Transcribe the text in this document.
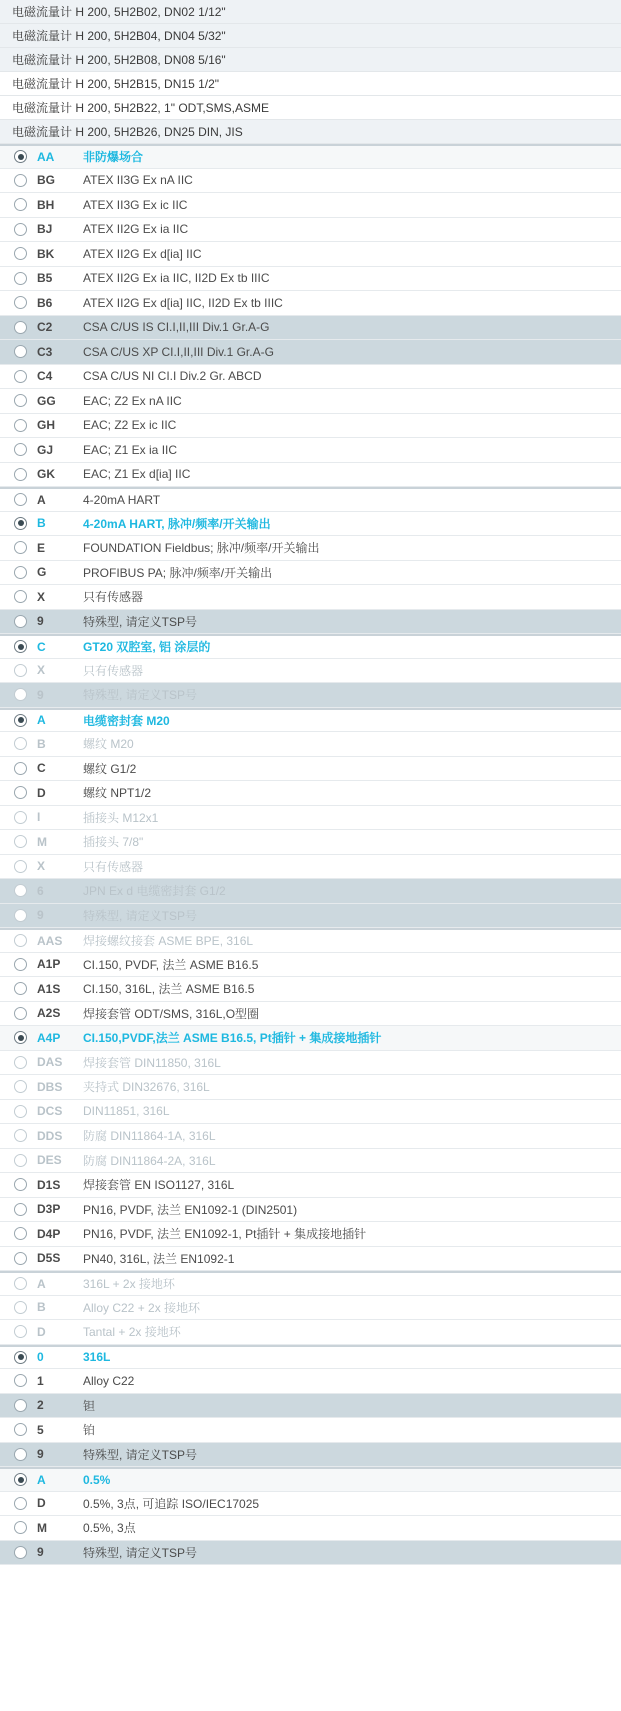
电磁流量计 H 200, 5H2B02, DN02 1/12"
电磁流量计 H 200, 5H2B04, DN04 5/32"
电磁流量计 H 200, 5H2B08, DN08 5/16"
电磁流量计 H 200, 5H2B15, DN15 1/2"
电磁流量计 H 200, 5H2B22, 1" ODT,SMS,ASME
电磁流量计 H 200, 5H2B26, DN25 DIN, JIS
AA	非防爆场合
BG	ATEX II3G Ex nA IIC
BH	ATEX II3G Ex ic IIC
BJ	ATEX II2G Ex ia IIC
BK	ATEX II2G Ex d[ia] IIC
B5	ATEX II2G Ex ia IIC, II2D Ex tb IIIC
B6	ATEX II2G Ex d[ia] IIC, II2D Ex tb IIIC
C2	CSA C/US IS CI.I,II,III Div.1 Gr.A-G
C3	CSA C/US XP CI.I,II,III Div.1 Gr.A-G
C4	CSA C/US NI CI.I Div.2 Gr. ABCD
GG	EAC; Z2 Ex nA IIC
GH	EAC; Z2 Ex ic IIC
GJ	EAC; Z1 Ex ia IIC
GK	EAC; Z1 Ex d[ia] IIC
A	4-20mA HART
B	4-20mA HART, 脉冲/频率/开关输出
E	FOUNDATION Fieldbus; 脉冲/频率/开关输出
G	PROFIBUS PA; 脉冲/频率/开关输出
X	只有传感器
9	特殊型, 请定义TSP号
C	GT20 双腔室, 铝 涂层的
X	只有传感器
9	特殊型, 请定义TSP号
A	电缆密封套 M20
B	螺纹 M20
C	螺纹 G1/2
D	螺纹 NPT1/2
I	插接头 M12x1
M	插接头 7/8"
X	只有传感器
6	JPN Ex d 电缆密封套 G1/2
9	特殊型, 请定义TSP号
AAS	焊接螺纹接套 ASME BPE, 316L
A1P	CI.150, PVDF, 法兰 ASME B16.5
A1S	CI.150, 316L, 法兰 ASME B16.5
A2S	焊接套管 ODT/SMS, 316L,O型圈
A4P	CI.150,PVDF,法兰 ASME B16.5, Pt插针 + 集成接地插针
DAS	焊接套管 DIN11850, 316L
DBS	夹持式 DIN32676, 316L
DCS	DIN11851, 316L
DDS	防腐 DIN11864-1A, 316L
DES	防腐 DIN11864-2A, 316L
D1S	焊接套管 EN ISO1127, 316L
D3P	PN16, PVDF, 法兰 EN1092-1 (DIN2501)
D4P	PN16, PVDF, 法兰 EN1092-1, Pt插针 + 集成接地插针
D5S	PN40, 316L, 法兰 EN1092-1
A	316L + 2x 接地环
B	Alloy C22 + 2x 接地环
D	Tantal + 2x 接地环
0	316L
1	Alloy C22
2	钽
5	铂
9	特殊型, 请定义TSP号
A	0.5%
D	0.5%, 3点, 可追踪 ISO/IEC17025
M	0.5%, 3点
9	特殊型, 请定义TSP号
